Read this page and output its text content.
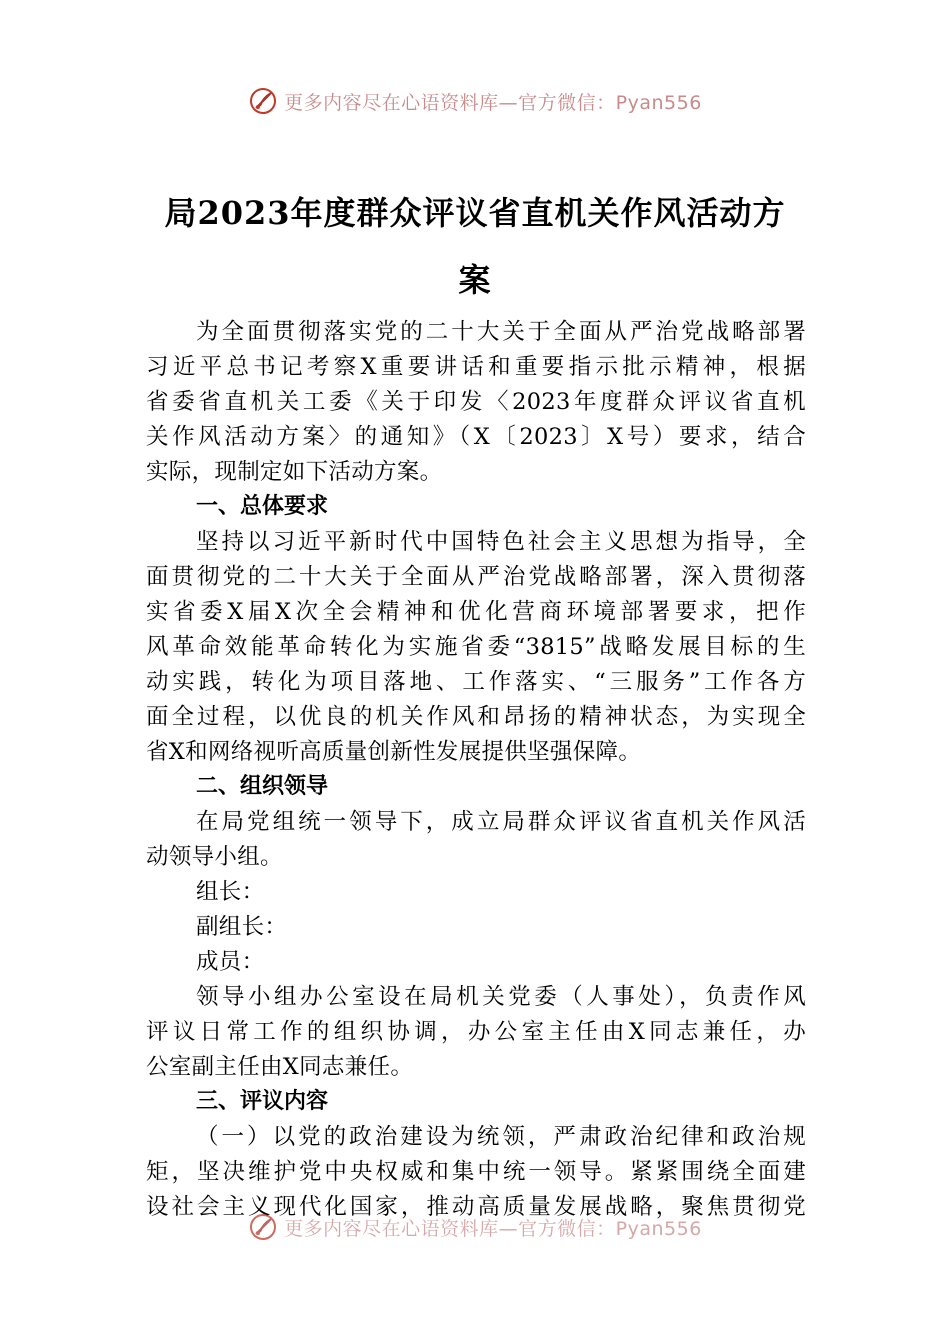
更多内容尽在心语资料库—官方微信：Pyan556
局2023年度群众评议省直机关作风活动方
案
为全面贯彻落实党的二十大关于全面从严治党战略部署
习近平总书记考察X重要讲话和重要指示批示精神，根据
省委省直机关工委《关于印发〈2023年度群众评议省直机
关作风活动方案〉的通知》（X〔2023〕X号）要求，结合
实际，现制定如下活动方案。
一、总体要求
坚持以习近平新时代中国特色社会主义思想为指导，全
面贯彻党的二十大关于全面从严治党战略部署，深入贯彻落
实省委X届X次全会精神和优化营商环境部署要求，把作
风革命效能革命转化为实施省委“3815”战略发展目标的生
动实践，转化为项目落地、工作落实、“三服务”工作各方
面全过程，以优良的机关作风和昂扬的精神状态，为实现全
省X和网络视听高质量创新性发展提供坚强保障。
二、组织领导
在局党组统一领导下，成立局群众评议省直机关作风活
动领导小组。
组长：
副组长：
成员：
领导小组办公室设在局机关党委（人事处），负责作风
评议日常工作的组织协调，办公室主任由X同志兼任，办
公室副主任由X同志兼任。
三、评议内容
（一）以党的政治建设为统领，严肃政治纪律和政治规
矩，坚决维护党中央权威和集中统一领导。紧紧围绕全面建
设社会主义现代化国家，推动高质量发展战略，聚焦贯彻党
更多内容尽在心语资料库—官方微信：Pyan556
